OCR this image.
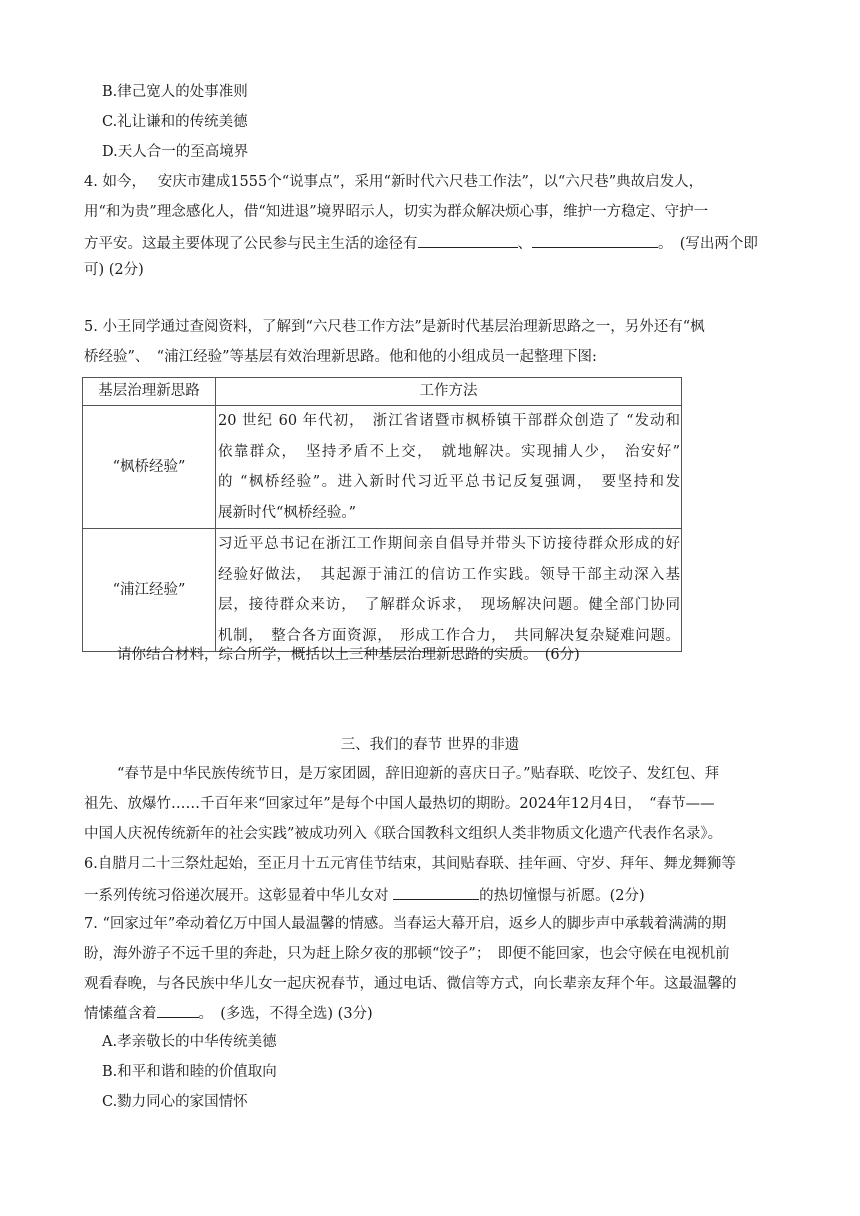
B.律己宽人的处事准则
C.礼让谦和的传统美德
D.天人合一的至高境界
4. 如今，　 安庆市建成1555个“说事点”，采用“新时代六尺巷工作法”，以“六尺巷”典故启发人，
用“和为贵”理念感化人，借“知进退”境界昭示人，切实为群众解决烦心事，维护一方稳定、守护一
方平安。这最主要体现了公民参与民主生活的途径有	、	。　(写出两个即
可) (2分)
5. 小王同学通过查阅资料，了解到“六尺巷工作方法”是新时代基层治理新思路之一，另外还有“枫
桥经验”、　“浦江经验”等基层有效治理新思路。他和他的小组成员一起整理下图:
基层治理新思路	工作方法
“枫桥经验”	20 世纪 60 年代初，　浙江省诸暨市枫桥镇干部群众创造了 “发动和
依靠群众，　坚持矛盾不上交，　就地解决。实现捕人少，　治安好”
的 “枫桥经验”。进入新时代习近平总书记反复强调，　要坚持和发
展新时代“枫桥经验。”

“浦江经验”	习近平总书记在浙江工作期间亲自倡导并带头下访接待群众形成的好
经验好做法，　其起源于浦江的信访工作实践。领导干部主动深入基
层，接待群众来访，　了解群众诉求，　现场解决问题。健全部门协同
机制，　整合各方面资源，　形成工作合力，　共同解决复杂疑难问题。
请你结合材料，综合所学，概括以上三种基层治理新思路的实质。　(6分)
三、我们的春节 世界的非遗
“春节是中华民族传统节日，是万家团圆，辞旧迎新的喜庆日子。”贴春联、吃饺子、发红包、拜
祖先、放爆竹……千百年来“回家过年”是每个中国人最热切的期盼。2024年12月4日，　“春节——
中国人庆祝传统新年的社会实践”被成功列入《联合国教科文组织人类非物质文化遗产代表作名录》。
6.自腊月二十三祭灶起始，至正月十五元宵佳节结束，其间贴春联、挂年画、守岁、拜年、舞龙舞狮等
一系列传统习俗递次展开。这彰显着中华儿女对	的热切憧憬与祈愿。(2分)
7. “回家过年”牵动着亿万中国人最温馨的情感。当春运大幕开启，返乡人的脚步声中承载着满满的期
盼，海外游子不远千里的奔赴，只为赶上除夕夜的那顿“饺子”；　即便不能回家，也会守候在电视机前
观看春晚，与各民族中华儿女一起庆祝春节，通过电话、微信等方式，向长辈亲友拜个年。这最温馨的
情愫蕴含着	。　(多选，不得全选) (3分)
A.孝亲敬长的中华传统美德
B.和平和谐和睦的价值取向
C.勠力同心的家国情怀
